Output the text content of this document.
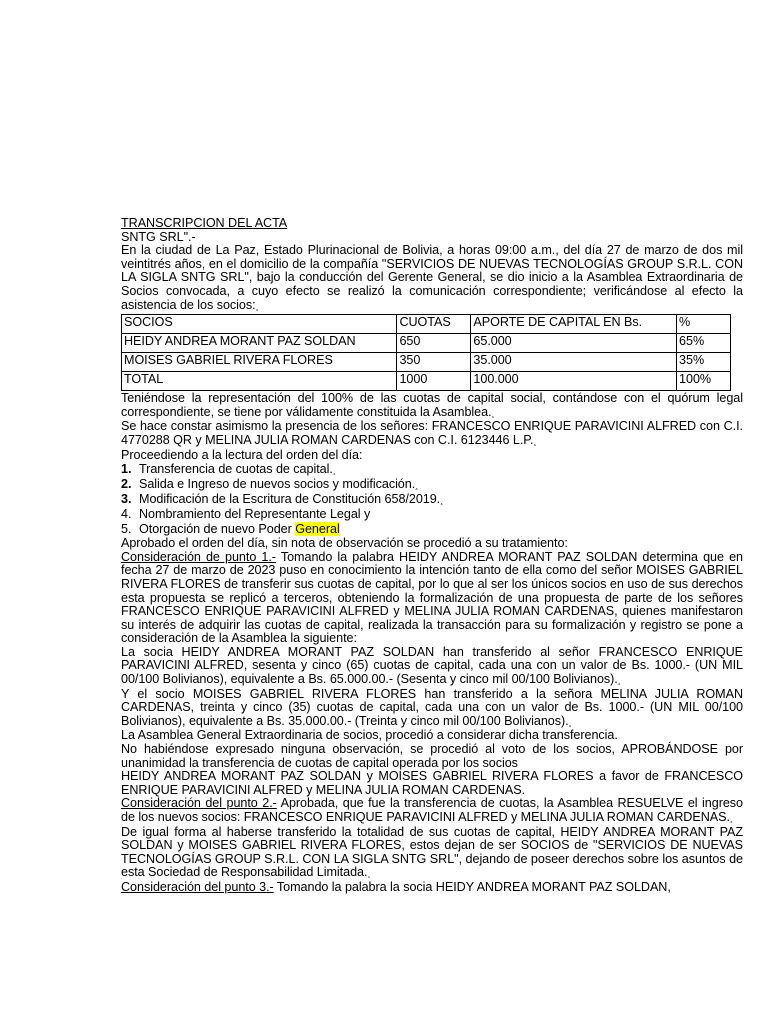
TRANSCRIPCION DEL ACTA

SNTG SRL".-

En la ciudad de La Paz, Estado Plurinacional de Bolivia, a horas 09:00 a.m., del día 27 de marzo de dos mil veintitrés años, en el domicilio de la compañía "SERVICIOS DE NUEVAS TECNOLOGÍAS GROUP S.R.L. CON LA SIGLA SNTG SRL", bajo la conducción del Gerente General, se dio inicio a la Asamblea Extraordinaria de Socios convocada, a cuyo efecto se realizó la comunicación correspondiente; verificándose al efecto la asistencia de los socios:¸

SOCIOS	CUOTAS	APORTE DE CAPITAL EN Bs.	%
HEIDY ANDREA MORANT PAZ SOLDAN	650	65.000	65%
MOISES GABRIEL RIVERA FLORES	350	35.000	35%
TOTAL	1000	100.000	100%

Teniéndose la representación del 100% de las cuotas de capital social, contándose con el quórum legal correspondiente, se tiene por válidamente constituida la Asamblea.¸

Se hace constar asimismo la presencia de los señores: FRANCESCO ENRIQUE PARAVICINI ALFRED con C.I. 4770288 QR y MELINA JULIA ROMAN CARDENAS con C.I. 6123446 L.P.¸

Proceediendo a la lectura del orden del día:

1. Transferencia de cuotas de capital.¸
2. Salida e Ingreso de nuevos socios y modificación.¸
3. Modificación de la Escritura de Constitución 658/2019.¸
4. Nombramiento del Representante Legal y
5. Otorgación de nuevo Poder General

Aprobado el orden del día, sin nota de observación se procedió a su tratamiento:

Consideración de punto 1.- Tomando la palabra HEIDY ANDREA MORANT PAZ SOLDAN determina que en fecha 27 de marzo de 2023 puso en conocimiento la intención tanto de ella como del señor MOISES GABRIEL RIVERA FLORES de transferir sus cuotas de capital, por lo que al ser los únicos socios en uso de sus derechos esta propuesta se replicó a terceros, obteniendo la formalización de una propuesta de parte de los señores FRANCESCO ENRIQUE PARAVICINI ALFRED y MELINA JULIA ROMAN CARDENAS, quienes manifestaron su interés de adquirir las cuotas de capital, realizada la transacción para su formalización y registro se pone a consideración de la Asamblea la siguiente:

La socia HEIDY ANDREA MORANT PAZ SOLDAN han transferido al señor FRANCESCO ENRIQUE PARAVICINI ALFRED, sesenta y cinco (65) cuotas de capital, cada una con un valor de Bs. 1000.- (UN MIL 00/100 Bolivianos), equivalente a Bs. 65.000.00.- (Sesenta y cinco mil 00/100 Bolivianos).¸

Y el socio MOISES GABRIEL RIVERA FLORES han transferido a la señora MELINA JULIA ROMAN CARDENAS, treinta y cinco (35) cuotas de capital, cada una con un valor de Bs. 1000.- (UN MIL 00/100 Bolivianos), equivalente a Bs. 35.000.00.- (Treinta y cinco mil 00/100 Bolivianos).¸

La Asamblea General Extraordinaria de socios, procedió a considerar dicha transferencia.

No habiéndose expresado ninguna observación, se procedió al voto de los socios, APROBÁNDOSE por unanimidad la transferencia de cuotas de capital operada por los socios

HEIDY ANDREA MORANT PAZ SOLDAN y MOISES GABRIEL RIVERA FLORES a favor de FRANCESCO ENRIQUE PARAVICINI ALFRED y MELINA JULIA ROMAN CARDENAS.

Consideración del punto 2.- Aprobada, que fue la transferencia de cuotas, la Asamblea RESUELVE el ingreso de los nuevos socios: FRANCESCO ENRIQUE PARAVICINI ALFRED y MELINA JULIA ROMAN CARDENAS.¸

De igual forma al haberse transferido la totalidad de sus cuotas de capital, HEIDY ANDREA MORANT PAZ SOLDAN y MOISES GABRIEL RIVERA FLORES, estos dejan de ser SOCIOS de "SERVICIOS DE NUEVAS TECNOLOGÍAS GROUP S.R.L. CON LA SIGLA SNTG SRL", dejando de poseer derechos sobre los asuntos de esta Sociedad de Responsabilidad Limitada.¸

Consideración del punto 3.- Tomando la palabra la socia HEIDY ANDREA MORANT PAZ SOLDAN,
